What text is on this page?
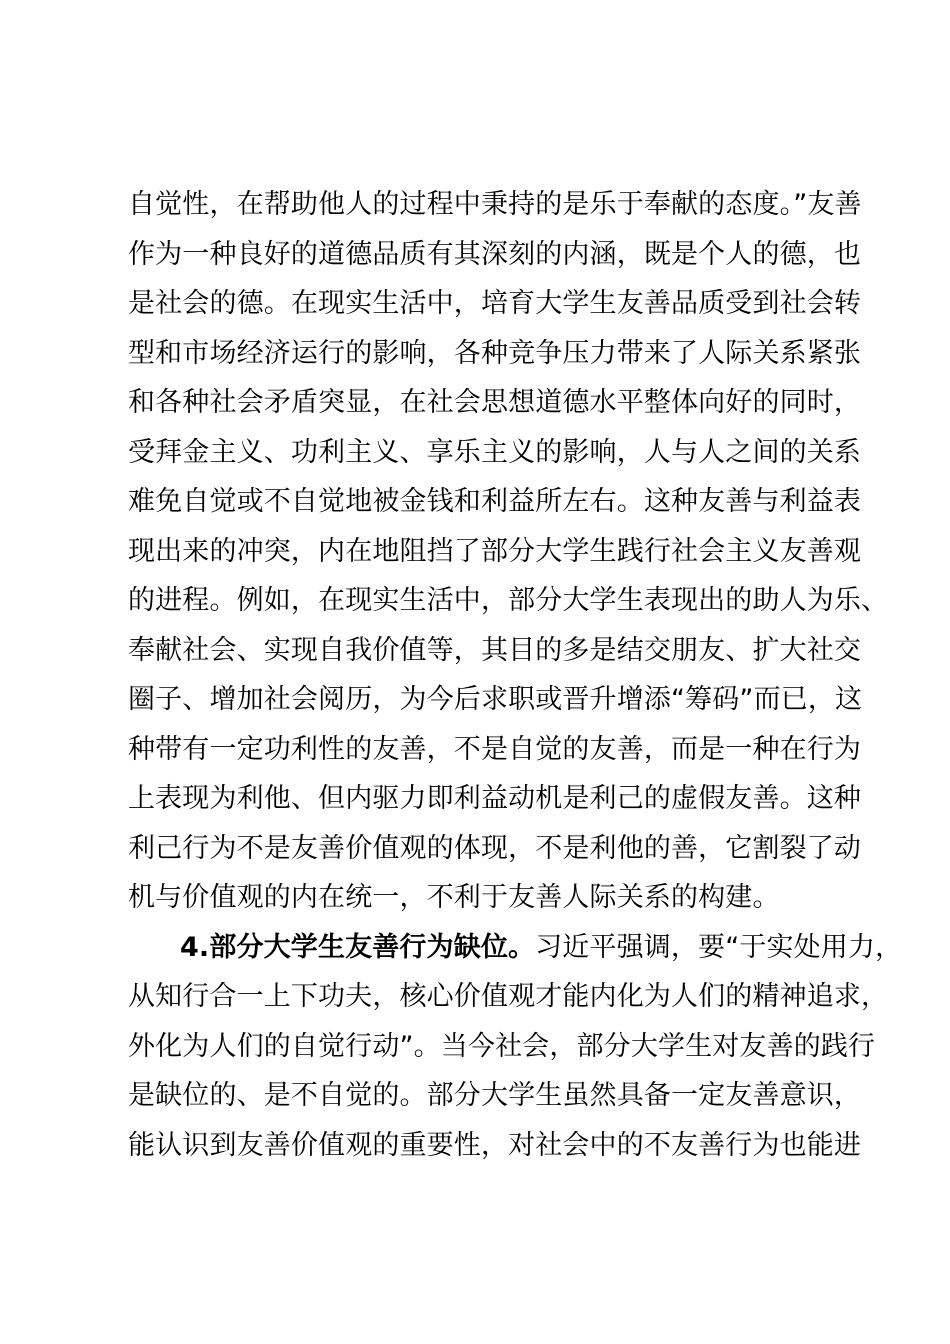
自觉性，在帮助他人的过程中秉持的是乐于奉献的态度。”友善
作为一种良好的道德品质有其深刻的内涵，既是个人的德，也
是社会的德。在现实生活中，培育大学生友善品质受到社会转
型和市场经济运行的影响，各种竞争压力带来了人际关系紧张
和各种社会矛盾突显，在社会思想道德水平整体向好的同时，
受拜金主义、功利主义、享乐主义的影响，人与人之间的关系
难免自觉或不自觉地被金钱和利益所左右。这种友善与利益表
现出来的冲突，内在地阻挡了部分大学生践行社会主义友善观
的进程。例如，在现实生活中，部分大学生表现出的助人为乐、
奉献社会、实现自我价值等，其目的多是结交朋友、扩大社交
圈子、增加社会阅历，为今后求职或晋升增添“筹码”而已，这
种带有一定功利性的友善，不是自觉的友善，而是一种在行为
上表现为利他、但内驱力即利益动机是利己的虚假友善。这种
利己行为不是友善价值观的体现，不是利他的善，它割裂了动
机与价值观的内在统一，不利于友善人际关系的构建。
4.部分大学生友善行为缺位。习近平强调，要“于实处用力，
从知行合一上下功夫，核心价值观才能内化为人们的精神追求，
外化为人们的自觉行动”。当今社会，部分大学生对友善的践行
是缺位的、是不自觉的。部分大学生虽然具备一定友善意识，
能认识到友善价值观的重要性，对社会中的不友善行为也能进
